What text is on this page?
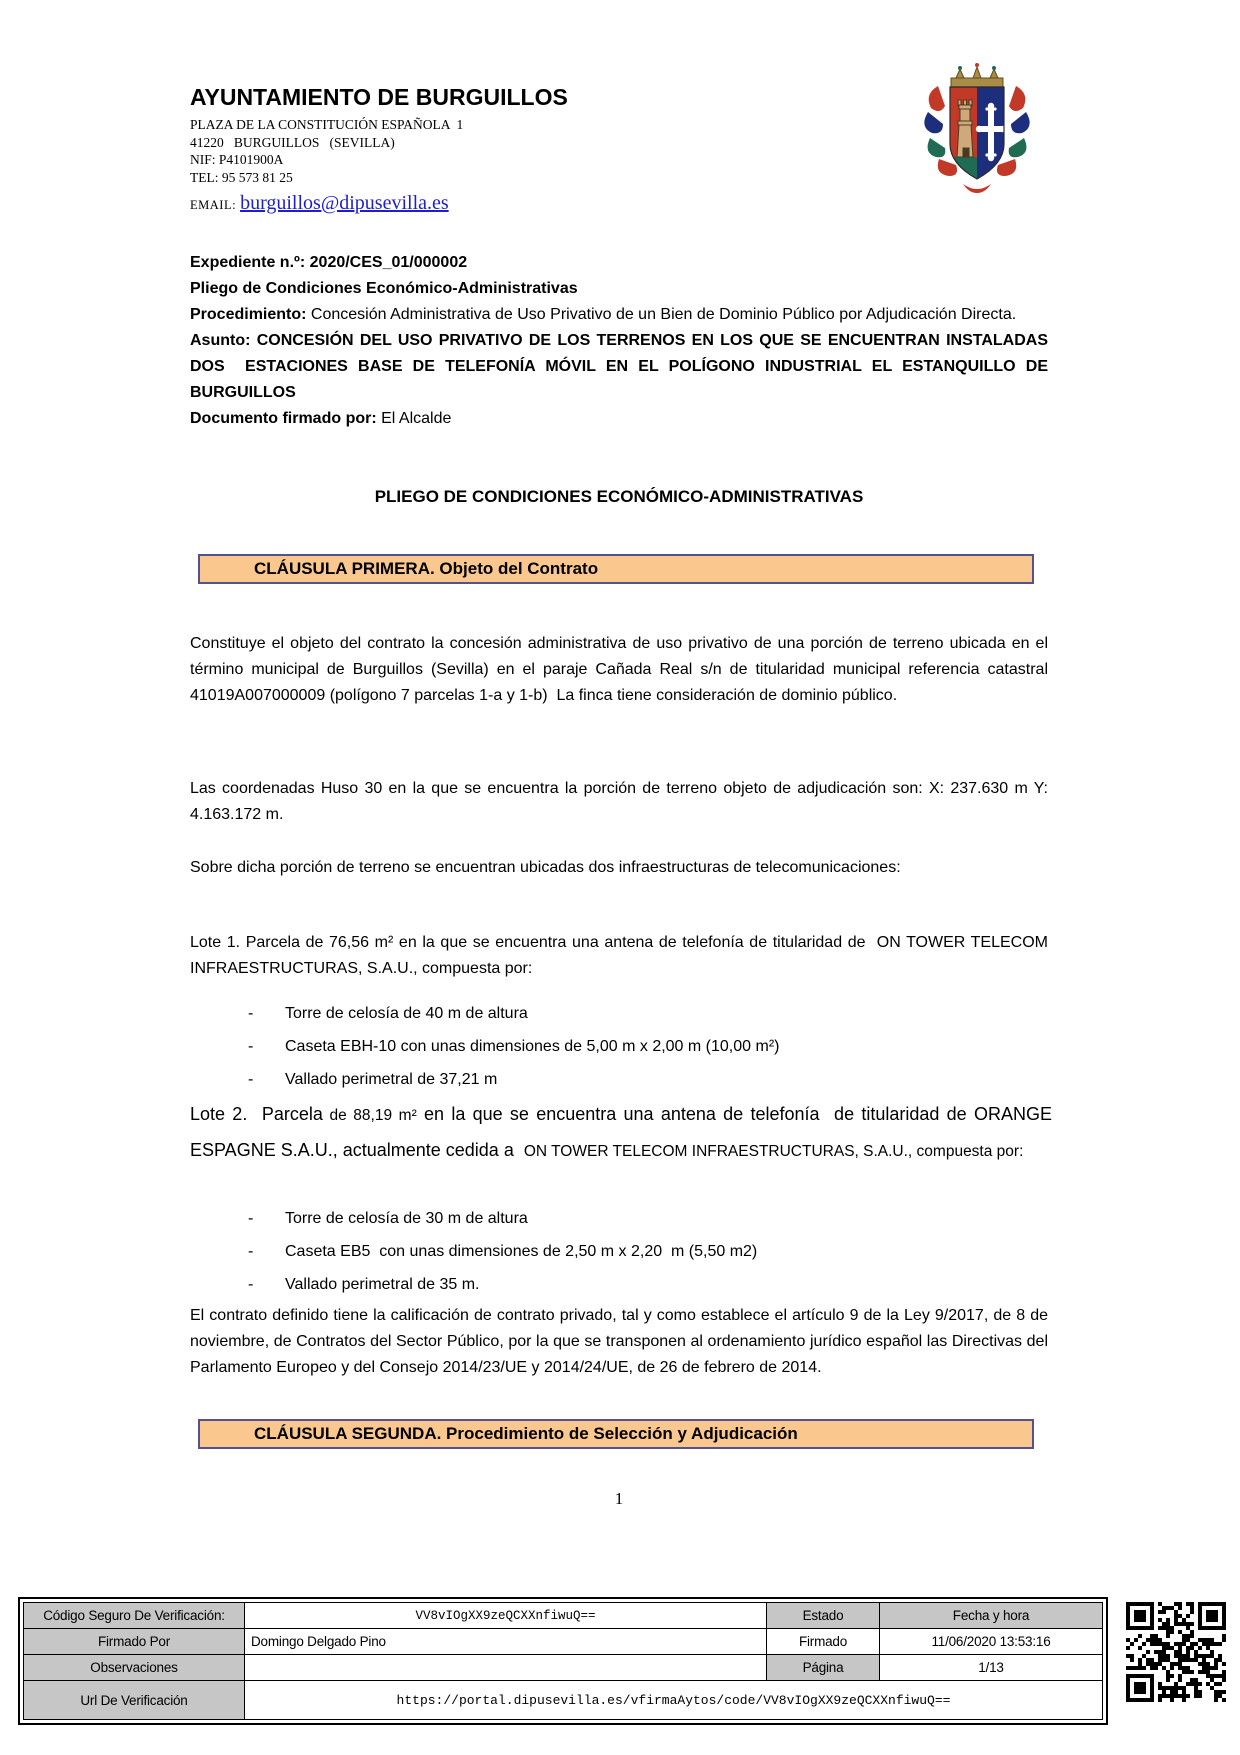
AYUNTAMIENTO DE BURGUILLOS
PLAZA DE LA CONSTITUCIÓN ESPAÑOLA  1
41220   BURGUILLOS   (SEVILLA)
NIF: P4101900A
TEL: 95 573 81 25
EMAIL: burguillos@dipusevilla.es

Expediente n.º: 2020/CES_01/000002

Pliego de Condiciones Económico-Administrativas

Procedimiento: Concesión Administrativa de Uso Privativo de un Bien de Dominio Público por Adjudicación Directa.

Asunto: CONCESIÓN DEL USO PRIVATIVO DE LOS TERRENOS EN LOS QUE SE ENCUENTRAN INSTALADAS DOS  ESTACIONES BASE DE TELEFONÍA MÓVIL EN EL POLÍGONO INDUSTRIAL EL ESTANQUILLO DE BURGUILLOS

Documento firmado por: El Alcalde

PLIEGO DE CONDICIONES ECONÓMICO-ADMINISTRATIVAS
CLÁUSULA PRIMERA. Objeto del Contrato

Constituye el objeto del contrato la concesión administrativa de uso privativo de una porción de terreno ubicada en el término municipal de Burguillos (Sevilla) en el paraje Cañada Real s/n de titularidad municipal referencia catastral 41019A007000009 (polígono 7 parcelas 1-a y 1-b)  La finca tiene consideración de dominio público.

Las coordenadas Huso 30 en la que se encuentra la porción de terreno objeto de adjudicación son: X: 237.630 m Y: 4.163.172 m.

Sobre dicha porción de terreno se encuentran ubicadas dos infraestructuras de telecomunicaciones:

Lote 1. Parcela de 76,56 m² en la que se encuentra una antena de telefonía de titularidad de  ON TOWER TELECOM INFRAESTRUCTURAS, S.A.U., compuesta por:

-	Torre de celosía de 40 m de altura
-	Caseta EBH-10 con unas dimensiones de 5,00 m x 2,00 m (10,00 m²)
-	Vallado perimetral de 37,21 m

Lote 2.  Parcela de 88,19 m² en la que se encuentra una antena de telefonía  de titularidad de ORANGE ESPAGNE S.A.U., actualmente cedida a  ON TOWER TELECOM INFRAESTRUCTURAS, S.A.U., compuesta por:

-	Torre de celosía de 30 m de altura
-	Caseta EB5  con unas dimensiones de 2,50 m x 2,20  m (5,50 m2)
-	Vallado perimetral de 35 m.

El contrato definido tiene la calificación de contrato privado, tal y como establece el artículo 9 de la Ley 9/2017, de 8 de noviembre, de Contratos del Sector Público, por la que se transponen al ordenamiento jurídico español las Directivas del Parlamento Europeo y del Consejo 2014/23/UE y 2014/24/UE, de 26 de febrero de 2014.

CLÁUSULA SEGUNDA. Procedimiento de Selección y Adjudicación
1
Código Seguro De Verificación:	VV8vIOgXX9zeQCXXnfiwuQ==	Estado	Fecha y hora
Firmado Por	Domingo Delgado Pino	Firmado	11/06/2020 13:53:16
Observaciones		Página	1/13
Url De Verificación	https://portal.dipusevilla.es/vfirmaAytos/code/VV8vIOgXX9zeQCXXnfiwuQ==		
